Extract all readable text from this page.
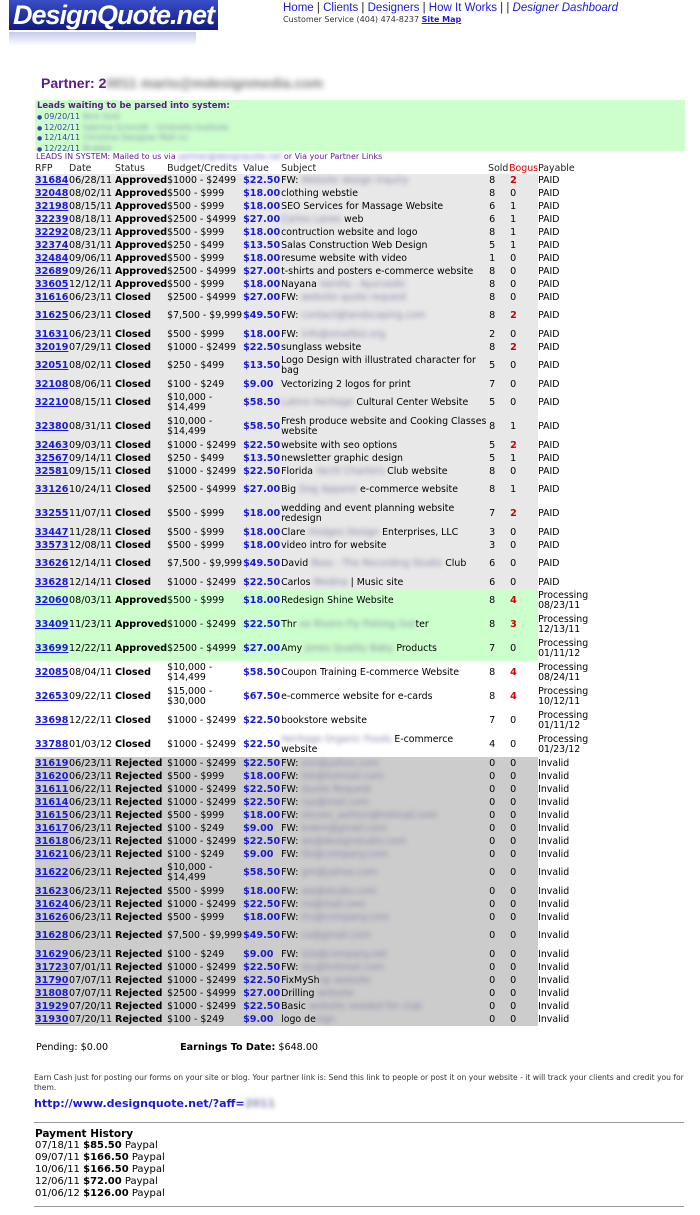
DesignQuote.net	Home | Clients | Designers | How It Works | | Designer Dashboard
Customer Service (404) 474-8237 Site Map
Partner: 20011 mario@mdesignmedia.com
Leads waiting to be parsed into system:
● 09/20/11 Nick Sold
● 12/02/11 Sabrina Schmidt - Umbrella Institute
● 12/14/11 Christine Designer Mall co
● 12/22/11 Brabbit
LEADS IN SYSTEM: Mailed to us via partner@designquote.net or Via your Partner Links
RFP	Date	Status	Budget/Credits	Value	Subject	Sold	Bogus	Payable
31684	06/28/11	Approved	$1000 - $2499	$22.50	FW: Website design inquiry	8	2	PAID
32048	08/02/11	Approved	$500 - $999	$18.00	clothing webstie	8	0	PAID
32198	08/15/11	Approved	$500 - $999	$18.00	SEO Services for Massage Website	6	1	PAID
32239	08/18/11	Approved	$2500 - $4999	$27.00	Carlos Lanes web	6	1	PAID
32292	08/23/11	Approved	$500 - $999	$18.00	contruction website and logo	8	1	PAID
32374	08/31/11	Approved	$250 - $499	$13.50	Salas Construction Web Design	5	1	PAID
32484	09/06/11	Approved	$500 - $999	$18.00	resume website with video	1	0	PAID
32689	09/26/11	Approved	$2500 - $4999	$27.00	t-shirts and posters e-commerce website	8	0	PAID
33605	12/12/11	Approved	$500 - $999	$18.00	Nayana Vanilla - Ayurvedic	8	0	PAID
31616	06/23/11	Closed	$2500 - $4999	$27.00	FW: website quote request	8	0	PAID
31625	06/23/11	Closed	$7,500 - $9,999	$49.50	FW: contact@landscaping.com	8	2	PAID
31631	06/23/11	Closed	$500 - $999	$18.00	FW: info@smallbiz.org	2	0	PAID
32019	07/29/11	Closed	$1000 - $2499	$22.50	sunglass website	8	2	PAID
32051	08/02/11	Closed	$250 - $499	$13.50	Logo Design with illustrated character for bag	5	0	PAID
32108	08/06/11	Closed	$100 - $249	$9.00	Vectorizing 2 logos for print	7	0	PAID
32210	08/15/11	Closed	$10,000 - $14,499	$58.50	Latino Heritage Cultural Center Website	5	0	PAID
32380	08/31/11	Closed	$10,000 - $14,499	$58.50	Fresh produce website and Cooking Classes website	8	1	PAID
32463	09/03/11	Closed	$1000 - $2499	$22.50	website with seo options	5	2	PAID
32567	09/14/11	Closed	$250 - $499	$13.50	newsletter graphic design	5	1	PAID
32581	09/15/11	Closed	$1000 - $2499	$22.50	Florida Yacht Charters Club website	8	0	PAID
33126	10/24/11	Closed	$2500 - $4999	$27.00	Big Dog Apparel e-commerce website	8	1	PAID
33255	11/07/11	Closed	$500 - $999	$18.00	wedding and event planning website redesign	7	2	PAID
33447	11/28/11	Closed	$500 - $999	$18.00	Clare Hodges Design Enterprises, LLC	3	0	PAID
33573	12/08/11	Closed	$500 - $999	$18.00	video intro for website	3	0	PAID
33626	12/14/11	Closed	$7,500 - $9,999	$49.50	David Ross - The Recording Studio Club	6	0	PAID
33628	12/14/11	Closed	$1000 - $2499	$22.50	Carlos Medina | Music site	6	0	PAID
32060	08/03/11	Approved	$500 - $999	$18.00	Redesign Shine Website	8	4	Processing 08/23/11
33409	11/23/11	Approved	$1000 - $2499	$22.50	Thr ee Rivers Fly Fishing Outter	8	3	Processing 12/13/11
33699	12/22/11	Approved	$2500 - $4999	$27.00	Amy Jones Quality Baby Products	7	0	Processing 01/11/12
32085	08/04/11	Closed	$10,000 - $14,499	$58.50	Coupon Training E-commerce Website	8	4	Processing 08/24/11
32653	09/22/11	Closed	$15,000 - $30,000	$67.50	e-commerce website for e-cards	8	4	Processing 10/12/11
33698	12/22/11	Closed	$1000 - $2499	$22.50	bookstore website	7	0	Processing 01/11/12
33788	01/03/12	Closed	$1000 - $2499	$22.50	Heritage Organic Foods E-commerce website	4	0	Processing 01/23/12
31619	06/23/11	Rejected	$1000 - $2499	$22.50	FW: son@yahoo.com	0	0	Invalid
31620	06/23/11	Rejected	$500 - $999	$18.00	FW: leb@hotmail.com	0	0	Invalid
31611	06/22/11	Rejected	$1000 - $2499	$22.50	FW: Quote Request	0	0	Invalid
31614	06/23/11	Rejected	$1000 - $2499	$22.50	FW: rya@mail.com	0	0	Invalid
31615	06/23/11	Rejected	$500 - $999	$18.00	FW: steven_ashton@hotmail.com	0	0	Invalid
31617	06/23/11	Rejected	$100 - $249	$9.00	FW: bobm@gmail.com	0	0	Invalid
31618	06/23/11	Rejected	$1000 - $2499	$22.50	FW: ws@designstudio.com	0	0	Invalid
31621	06/23/11	Rejected	$100 - $249	$9.00	FW: tbi@company.com	0	0	Invalid
31622	06/23/11	Rejected	$10,000 - $14,499	$58.50	FW: gm@yahoo.com	0	0	Invalid
31623	06/23/11	Rejected	$500 - $999	$18.00	FW: ala@studio.com	0	0	Invalid
31624	06/23/11	Rejected	$1000 - $2499	$22.50	FW: no@mail.com	0	0	Invalid
31626	06/23/11	Rejected	$500 - $999	$18.00	FW: tru@company.com	0	0	Invalid
31628	06/23/11	Rejected	$7,500 - $9,999	$49.50	FW: co@gmail.com	0	0	Invalid
31629	06/23/11	Rejected	$100 - $249	$9.00	FW: isla@company.net	0	0	Invalid
31723	07/01/11	Rejected	$1000 - $2499	$22.50	FW: stu@hotmail.com	0	0	Invalid
31790	07/07/11	Rejected	$1000 - $2499	$22.50	FixMyShop website	0	0	Invalid
31808	07/07/11	Rejected	$2500 - $4999	$27.00	Drilling website	0	0	Invalid
31929	07/20/11	Rejected	$1000 - $2499	$22.50	Basic website needed for club	0	0	Invalid
31930	07/20/11	Rejected	$100 - $249	$9.00	logo design	0	0	Invalid
Pending: $0.00	Earnings To Date: $648.00
Earn Cash just for posting our forms on your site or blog. Your partner link is: Send this link to people or post it on your website - it will track your clients and credit you for them.
http://www.designquote.net/?aff=2011
Payment History
07/18/11 $85.50 Paypal
09/07/11 $166.50 Paypal
10/06/11 $166.50 Paypal
12/06/11 $72.00 Paypal
01/06/12 $126.00 Paypal
